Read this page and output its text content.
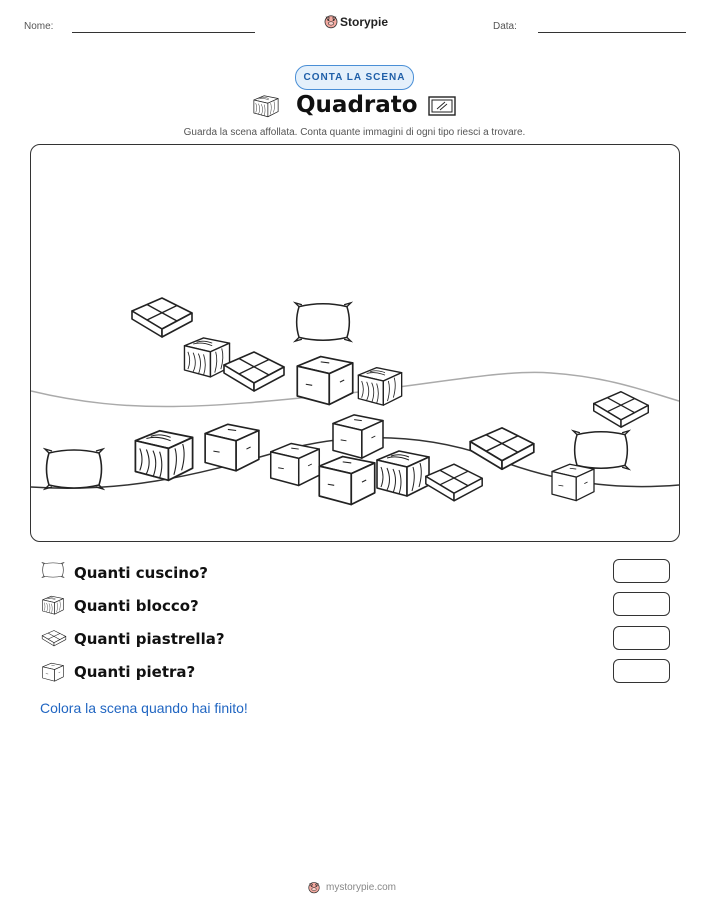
Nome:	Storypie	Data:
CONTA LA SCENA
Quadrato
Guarda la scena affollata. Conta quante immagini di ogni tipo riesci a trovare.
Quanti cuscino?
Quanti blocco?
Quanti piastrella?
Quanti pietra?
Colora la scena quando hai finito!
mystorypie.com
